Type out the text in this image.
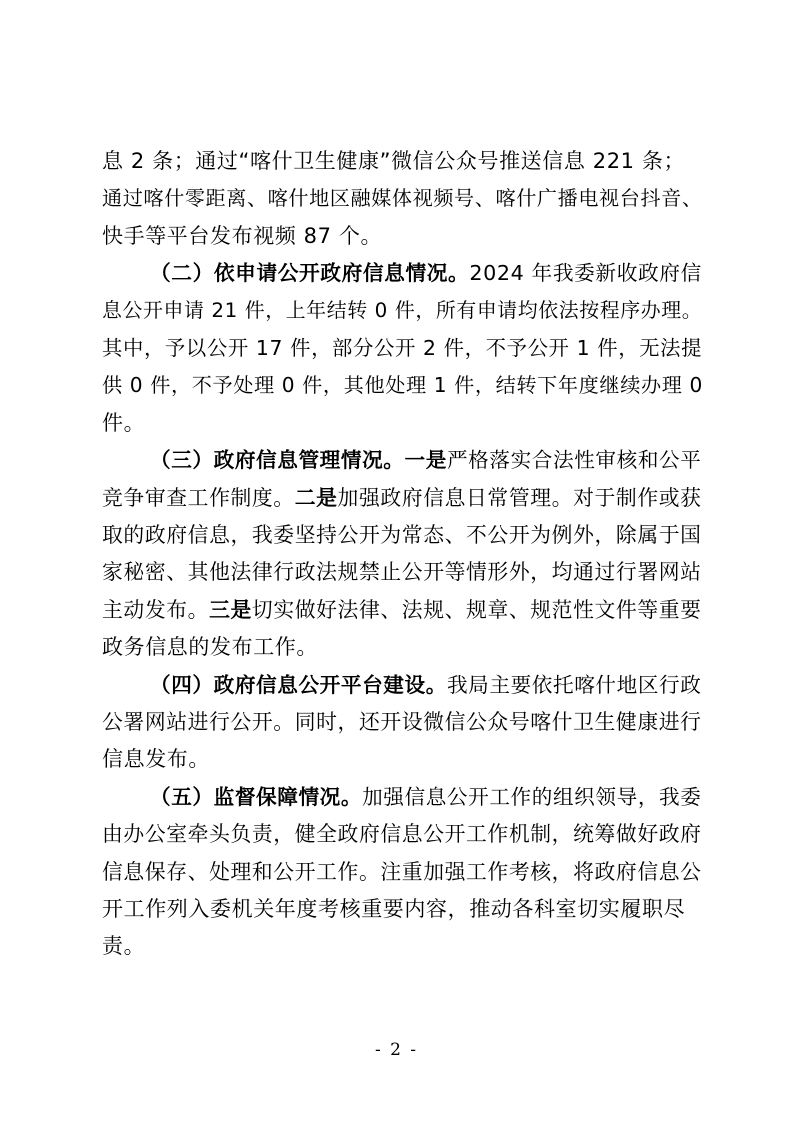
息 2 条；通过“喀什卫生健康”微信公众号推送信息 221 条；
通过喀什零距离、喀什地区融媒体视频号、喀什广播电视台抖音、
快手等平台发布视频 87 个。
（二）依申请公开政府信息情况。2024 年我委新收政府信
息公开申请 21 件，上年结转 0 件，所有申请均依法按程序办理。
其中，予以公开 17 件，部分公开 2 件，不予公开 1 件，无法提
供 0 件，不予处理 0 件，其他处理 1 件，结转下年度继续办理 0
件。
（三）政府信息管理情况。一是严格落实合法性审核和公平
竞争审查工作制度。二是加强政府信息日常管理。对于制作或获
取的政府信息，我委坚持公开为常态、不公开为例外，除属于国
家秘密、其他法律行政法规禁止公开等情形外，均通过行署网站
主动发布。三是切实做好法律、法规、规章、规范性文件等重要
政务信息的发布工作。
（四）政府信息公开平台建设。我局主要依托喀什地区行政
公署网站进行公开。同时，还开设微信公众号喀什卫生健康进行
信息发布。
（五）监督保障情况。加强信息公开工作的组织领导，我委
由办公室牵头负责，健全政府信息公开工作机制，统筹做好政府
信息保存、处理和公开工作。注重加强工作考核，将政府信息公
开工作列入委机关年度考核重要内容，推动各科室切实履职尽
责。
- 2 -
